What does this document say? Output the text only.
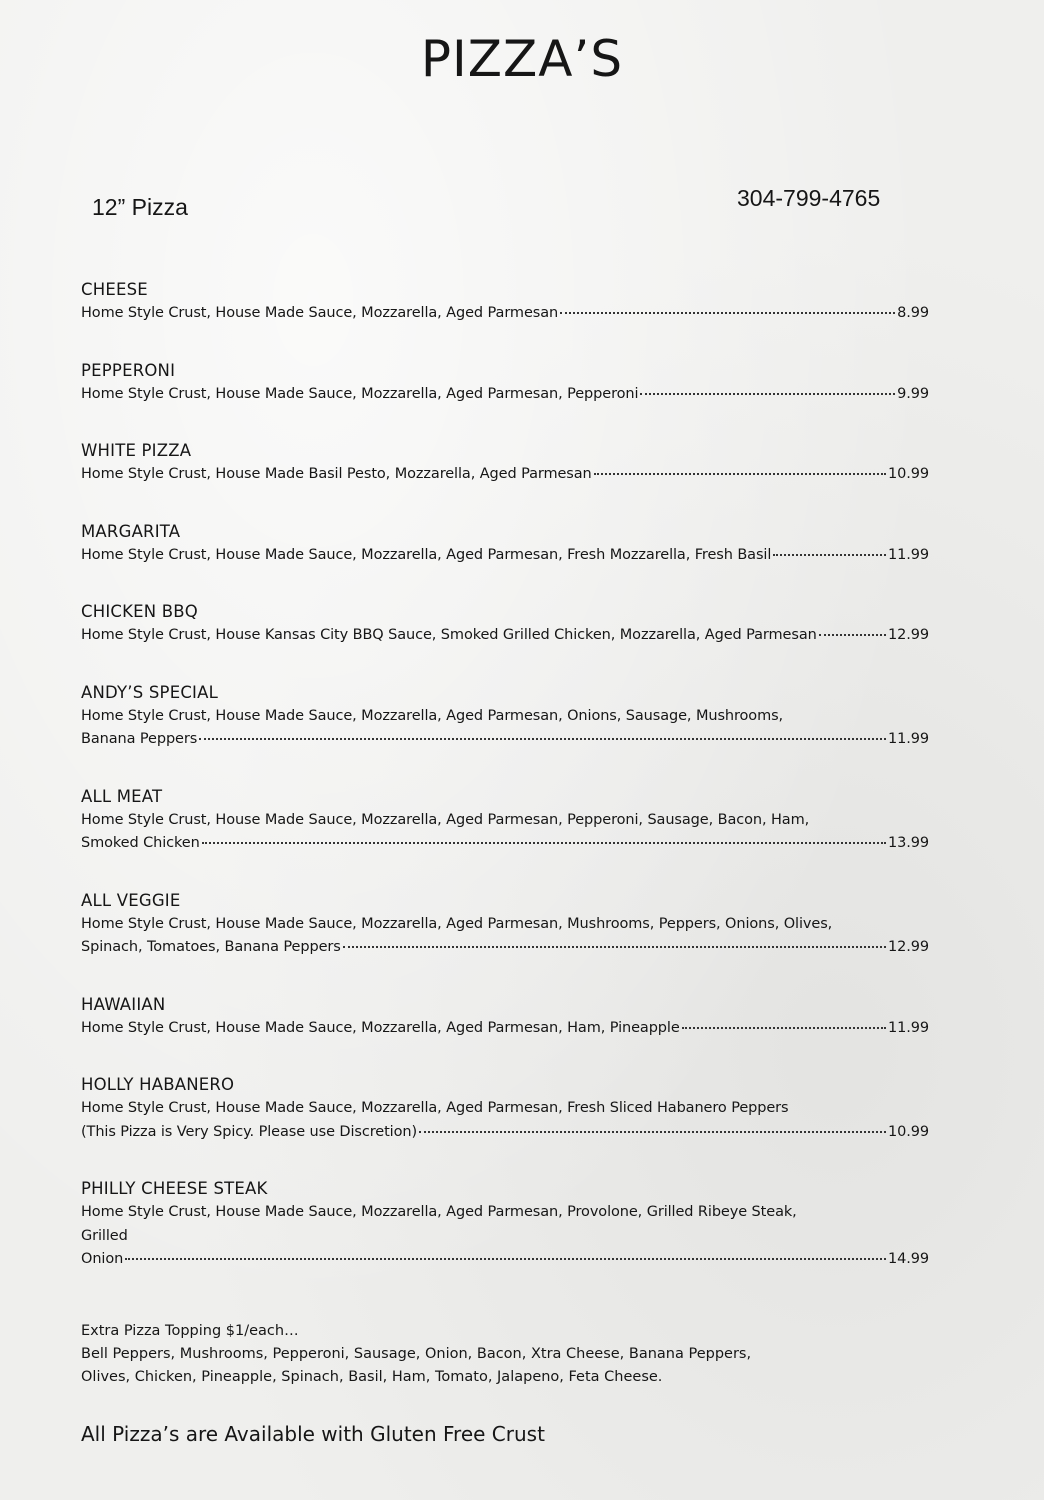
PIZZA’S
12” Pizza	304-799-4765
CHEESE
Home Style Crust, House Made Sauce, Mozzarella, Aged Parmesan	8.99
PEPPERONI
Home Style Crust, House Made Sauce, Mozzarella, Aged Parmesan, Pepperoni	9.99
WHITE PIZZA
Home Style Crust, House Made Basil Pesto, Mozzarella, Aged Parmesan	10.99
MARGARITA
Home Style Crust, House Made Sauce, Mozzarella, Aged Parmesan, Fresh Mozzarella, Fresh Basil	11.99
CHICKEN BBQ
Home Style Crust, House Kansas City BBQ Sauce, Smoked Grilled Chicken, Mozzarella, Aged Parmesan	12.99
ANDY’S SPECIAL
Home Style Crust, House Made Sauce, Mozzarella, Aged Parmesan, Onions, Sausage, Mushrooms,
Banana Peppers	11.99
ALL MEAT
Home Style Crust, House Made Sauce, Mozzarella, Aged Parmesan, Pepperoni, Sausage, Bacon, Ham,
Smoked Chicken	13.99
ALL VEGGIE
Home Style Crust, House Made Sauce, Mozzarella, Aged Parmesan, Mushrooms, Peppers, Onions, Olives,
Spinach, Tomatoes, Banana Peppers	12.99
HAWAIIAN
Home Style Crust, House Made Sauce, Mozzarella, Aged Parmesan, Ham, Pineapple	11.99
HOLLY HABANERO
Home Style Crust, House Made Sauce, Mozzarella, Aged Parmesan, Fresh Sliced Habanero Peppers
(This Pizza is Very Spicy. Please use Discretion)	10.99
PHILLY CHEESE STEAK
Home Style Crust, House Made Sauce, Mozzarella, Aged Parmesan, Provolone, Grilled Ribeye Steak,
Grilled
Onion	14.99
Extra Pizza Topping $1/each…
Bell Peppers, Mushrooms, Pepperoni, Sausage, Onion, Bacon, Xtra Cheese, Banana Peppers,
Olives, Chicken, Pineapple, Spinach, Basil, Ham, Tomato, Jalapeno, Feta Cheese.
All Pizza’s are Available with Gluten Free Crust
